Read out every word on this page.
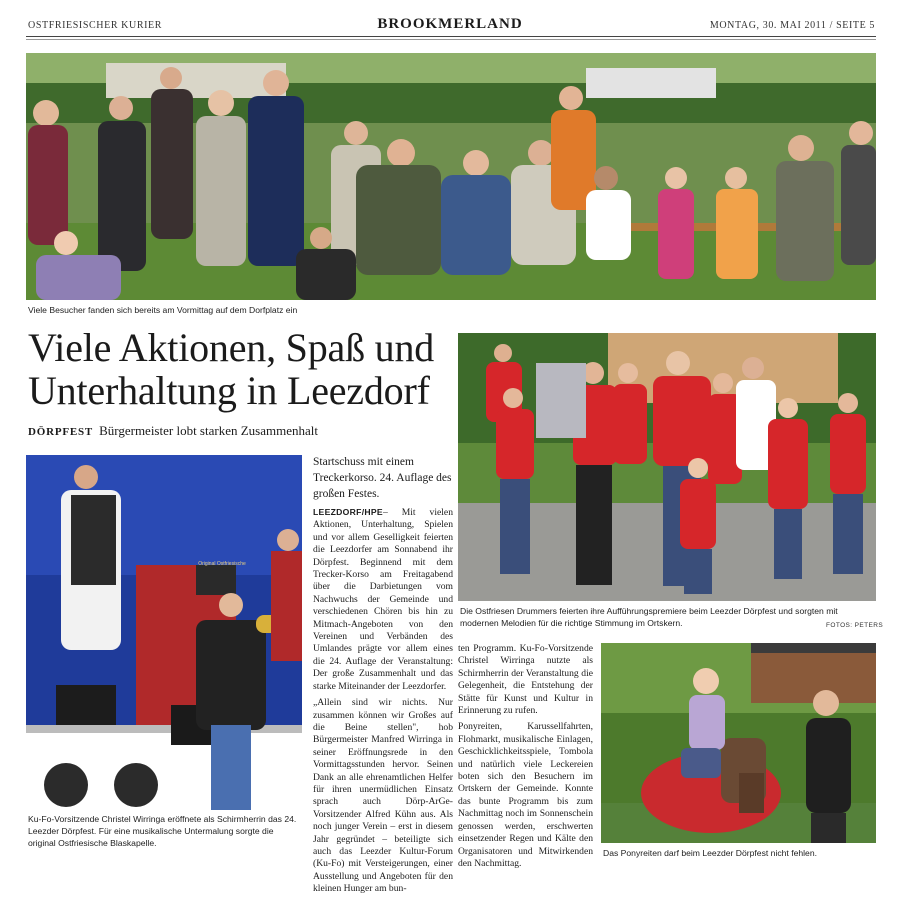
OSTFRIESISCHER KURIER	BROOKMERLAND	MONTAG, 30. MAI 2011 / SEITE 5
Viele Besucher fanden sich bereits am Vormittag auf dem Dorfplatz ein
Viele Aktionen, Spaß und Unterhaltung in Leezdorf
DÖRPFEST Bürgermeister lobt starken Zusammenhalt
Original Ostfriesische
Ku-Fo-Vorsitzende Christel Wirringa eröffnete als Schirmherrin das 24. Leezder Dörpfest. Für eine musikalische Untermalung sorgte die original Ostfriesische Blaskapelle.
Startschuss mit einem Treckerkorso. 24. Auflage des großen Festes.

LEEZDORF/HPE– Mit vielen Aktionen, Unterhaltung, Spielen und vor allem Geselligkeit feierten die Leezdorfer am Sonnabend ihr Dörpfest. Beginnend mit dem Trecker-Korso am Freitagabend über die Darbietungen vom Nachwuchs der Gemeinde und verschiedenen Chören bis hin zu Mitmach-Angeboten von den Vereinen und Verbänden des Umlandes prägte vor allem eines die 24. Auflage der Veranstaltung: Der große Zusammenhalt und das starke Miteinander der Leezdorfer.

„Allein sind wir nichts. Nur zusammen können wir Großes auf die Beine stellen", hob Bürgermeister Manfred Wirringa in seiner Eröffnungsrede in den Vormittagsstunden hervor. Seinen Dank an alle ehrenamtlichen Helfer für ihren unermüdlichen Einsatz sprach auch Dörp-ArGe-Vorsitzender Alfred Kühn aus. Als noch junger Verein – erst in diesem Jahr gegründet – beteiligte sich auch das Leezder Kultur-Forum (Ku-Fo) mit Versteigerungen, einer Ausstellung und Angeboten für den kleinen Hunger am bun-

Die Ostfriesen Drummers feierten ihre Aufführungspremiere beim Leezder Dörpfest und sorgten mit modernen Melodien für die richtige Stimmung im Ortskern.	FOTOS: PETERS

ten Programm. Ku-Fo-Vorsitzende Christel Wirringa nutzte als Schirmherrin der Veranstaltung die Gelegenheit, die Entstehung der Stätte für Kunst und Kultur in Erinnerung zu rufen.

Ponyreiten, Karussellfahrten, Flohmarkt, musikalische Einlagen, Geschicklichkeitsspiele, Tombola und natürlich viele Leckereien boten sich den Besuchern im Ortskern der Gemeinde. Konnte das bunte Programm bis zum Nachmittag noch im Sonnenschein genossen werden, erschwerten einsetzender Regen und Kälte den Organisatoren und Mitwirkenden den Nachmittag.

Das Ponyreiten darf beim Leezder Dörpfest nicht fehlen.
